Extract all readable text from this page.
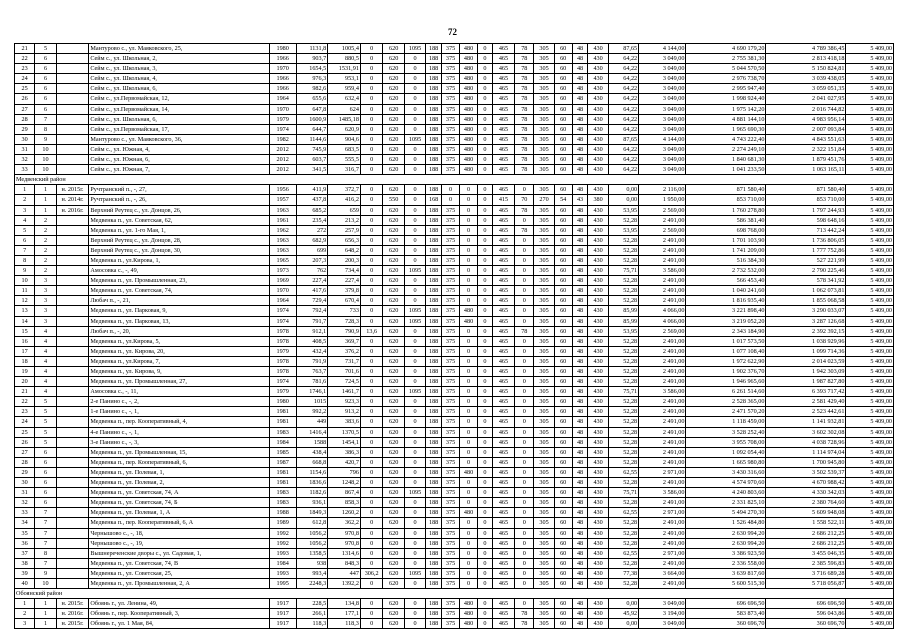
72
21	5		Мантурово с., ул. Маяковского, 25,	1980	1131,8	1005,4	0	620	1095	188	375	480	0	465	78	305	60	48	430	87,65	4 144,00	4 690 179,20	4 789 386,45	5 409,00
22	6		Сейм с., ул. Школьная, 2,	1966	903,7	880,5	0	620	0	188	375	480	0	465	78	305	60	48	430	64,22	3 049,00	2 755 381,30	2 813 418,18	5 409,00
23	6		Сейм с., ул. Школьная, 3,	1970	1654,5	1531,91	0	620	0	188	375	480	0	465	78	305	60	48	430	64,22	3 049,00	5 044 570,50	5 150 824,81	5 409,00
24	6		Сейм с., ул. Школьная, 4,	1966	976,3	953,1	0	620	0	188	375	480	0	465	78	305	60	48	430	64,22	3 049,00	2 976 738,70	3 039 438,05	5 409,00
25	6		Сейм с., ул. Школьная, 6,	1966	982,6	959,4	0	620	0	188	375	480	0	465	78	305	60	48	430	64,22	3 049,00	2 995 947,40	3 059 051,35	5 409,00
26	6		Сейм с., ул.Первомайская, 12,	1964	655,6	632,4	0	620	0	188	375	480	0	465	78	305	60	48	430	64,22	3 049,00	1 998 924,40	2 041 027,95	5 409,00
27	6		Сейм с., ул.Первомайская, 14,	1970	647,8	624	0	620	0	188	375	480	0	465	78	305	60	48	430	64,22	3 049,00	1 975 142,20	2 016 744,82	5 409,00
28	7		Сейм с., ул. Школьная, 6,	1979	1600,9	1485,18	0	620	0	188	375	480	0	465	78	305	60	48	430	64,22	3 049,00	4 881 144,10	4 983 956,14	5 409,00
29	8		Сейм с., ул.Первомайская, 17,	1974	644,7	620,9	0	620	0	188	375	480	0	465	78	305	60	48	430	64,22	3 049,00	1 965 690,30	2 007 093,84	5 409,00
30	9		Мантурово с., ул. Маяковского, 36,	1982	1144,6	904,6	0	620	1095	188	375	480	0	465	78	305	60	48	430	87,65	4 144,00	4 743 222,40	4 843 551,63	5 409,00
31	10		Сейм с., ул. Южная, 4,	2012	745,9	683,5	0	620	0	188	375	480	0	465	78	305	60	48	430	64,22	3 049,00	2 274 249,10	2 322 151,84	5 409,00
32	10		Сейм с., ул. Южная, 6,	2012	603,7	555,5	0	620	0	188	375	480	0	465	78	305	60	48	430	64,22	3 049,00	1 840 681,30	1 879 451,76	5 409,00
33	10		Сейм с., ул. Южная, 7,	2012	341,5	316,7	0	620	0	188	375	480	0	465	78	305	60	48	430	64,22	3 049,00	1 041 233,50	1 063 165,11	5 409,00
Медвенский район																								
1	1	н. 2015г.	Ручтранский п., -, 27,	1956	411,9	372,7	0	620	0	188	0	0	0	465	0	305	60	48	430	0,00	2 116,00	871 580,40	871 580,40	5 409,00
2	1	н. 2014г.	Ручтранский п., -, 26,	1957	437,8	416,2	0	550	0	168	0	0	0	415	70	270	54	43	380	0,00	1 950,00	853 710,00	853 710,00	5 409,00
3	1	н. 2016г.	Верхний Реутец с., ул. Донцов, 26,	1963	685,2	659	0	620	0	188	375	0	0	465	78	305	60	48	430	53,95	2 569,00	1 760 278,80	1 797 244,93	5 409,00
4	2		Медвенка п., ул. Советская, 62,	1961	235,4	213,2	0	620	0	188	375	0	0	465	0	305	60	48	430	52,28	2 491,00	586 381,40	598 648,16	5 409,00
5	2		Медвенка п., ул. 1-го Мая, 1,	1962	272	257,9	0	620	0	188	375	0	0	465	78	305	60	48	430	53,95	2 569,00	698 768,00	713 442,24	5 409,00
6	2		Верхний Реутец с., ул. Донцов, 28,	1963	682,9	656,3	0	620	0	188	375	0	0	465	0	305	60	48	430	52,28	2 491,00	1 701 103,90	1 736 806,05	5 409,00
7	2		Верхний Реутец с., ул. Донцов, 30,	1963	699	648,2	0	620	0	188	375	0	0	465	0	305	60	48	430	52,28	2 491,00	1 741 209,00	1 777 752,86	5 409,00
8	2		Медвенка п., ул.Кирова, 1,	1965	207,3	200,3	0	620	0	188	375	0	0	465	0	305	60	48	430	52,28	2 491,00	516 384,30	527 221,99	5 409,00
9	2		Амосовка с., -, 49,	1973	762	734,4	0	620	1095	188	375	0	0	465	0	305	60	48	430	75,71	3 586,00	2 732 532,00	2 790 225,46	5 409,00
10	3		Медвенка п., ул. Промышленная, 23,	1969	227,4	227,4	0	620	0	188	375	0	0	465	0	305	60	48	430	52,28	2 491,00	566 453,40	578 341,92	5 409,00
11	3		Медвенка п., ул. Советская, 74,	1970	417,6	379,8	0	620	0	188	375	0	0	465	0	305	60	48	430	52,28	2 491,00	1 040 241,60	1 062 073,81	5 409,00
12	3		Любач п., -, 21,	1964	729,4	670,4	0	620	0	188	375	0	0	465	0	305	60	48	430	52,28	2 491,00	1 816 935,40	1 855 068,58	5 409,00
13	3		Медвенка п., ул. Парковая, 9,	1974	792,4	733	0	620	1095	188	375	480	0	465	0	305	60	48	430	85,99	4 066,00	3 221 898,40	3 290 033,07	5 409,00
14	3		Медвенка п., ул. Парковая, 13,	1974	791,7	728,3	0	620	1095	188	375	480	0	465	0	305	60	48	430	85,99	4 066,00	3 219 052,20	3 287 126,68	5 409,00
15	4		Любач п., -, 20,	1978	912,1	790,9	13,6	620	0	188	375	0	0	465	78	305	60	48	430	53,95	2 569,00	2 343 184,90	2 392 392,15	5 409,00
16	4		Медвенка п., ул.Кирова, 5,	1978	408,5	369,7	0	620	0	188	375	0	0	465	0	305	60	48	430	52,28	2 491,00	1 017 573,50	1 038 929,96	5 409,00
17	4		Медвенка п., ул. Кирова, 20,	1979	432,4	376,2	0	620	0	188	375	0	0	465	0	305	60	48	430	52,28	2 491,00	1 077 108,40	1 099 714,36	5 409,00
18	4		Медвенка п., ул.Кирова, 7,	1978	791,9	731,7	0	620	0	188	375	0	0	465	0	305	60	48	430	52,28	2 491,00	1 972 622,90	2 014 023,59	5 409,00
19	4		Медвенка п., ул. Кирова, 9,	1978	763,7	701,6	0	620	0	188	375	0	0	465	0	305	60	48	430	52,28	2 491,00	1 902 376,70	1 942 303,09	5 409,00
20	4		Медвенка п., ул. Промышленная, 27,	1974	781,6	724,5	0	620	0	188	375	0	0	465	0	305	60	48	430	52,28	2 491,00	1 946 965,60	1 987 827,80	5 409,00
21	4		Амосовка с., -, 11,	1979	1746,1	1461,7	0	620	1095	188	375	0	0	465	0	305	60	48	430	75,71	3 586,00	6 261 514,60	6 393 717,42	5 409,00
22	5		2-е Панино с., -, 2,	1980	1015	923,3	0	620	0	188	375	0	0	465	0	305	60	48	430	52,28	2 491,00	2 528 365,00	2 581 429,40	5 409,00
23	5		1-е Панино с., -, 1,	1981	992,2	913,2	0	620	0	188	375	0	0	465	0	305	60	48	430	52,28	2 491,00	2 471 570,20	2 523 442,61	5 409,00
24	5		Медвенка п., пер. Кооперативный, 4,	1981	449	383,6	0	620	0	188	375	0	0	465	0	305	60	48	430	52,28	2 491,00	1 118 459,00	1 141 932,81	5 409,00
25	5		4-е Панино с., -, 1,	1983	1416,4	1370,5	0	620	0	188	375	0	0	465	0	305	60	48	430	52,28	2 491,00	3 528 252,40	3 602 302,08	5 409,00
26	5		3-е Панино с., -, 3,	1984	1588	1454,1	0	620	0	188	375	0	0	465	0	305	60	48	430	52,28	2 491,00	3 955 708,00	4 038 728,96	5 409,00
27	6		Медвенка п., ул. Промышленная, 15,	1985	438,4	386,3	0	620	0	188	375	0	0	465	0	305	60	48	430	52,28	2 491,00	1 092 054,40	1 114 974,04	5 409,00
28	6		Медвенка п., пер. Кооперативный, 6,	1987	668,8	420,7	0	620	0	188	375	0	0	465	0	305	60	48	430	52,28	2 491,00	1 665 980,80	1 700 945,80	5 409,00
29	6		Медвенка п., ул. Полевая, 1,	1981	1154,6	796	0	620	0	188	375	480	0	465	0	305	60	48	430	62,55	2 971,00	3 430 316,60	3 502 539,37	5 409,00
30	6		Медвенка п., ул. Полевая, 2,	1981	1836,6	1248,2	0	620	0	188	375	0	0	465	0	305	60	48	430	52,28	2 491,00	4 574 970,60	4 670 988,42	5 409,00
31	6		Медвенка п., ул. Советская, 74, А	1983	1182,6	867,4	0	620	1095	188	375	0	0	465	0	305	60	48	430	75,71	3 586,00	4 240 803,60	4 330 342,03	5 409,00
32	6		Медвенка п., ул. Советская, 74, Б	1983	936,1	858,3	0	620	0	188	375	0	0	465	0	305	60	48	430	52,28	2 491,00	2 331 825,10	2 380 764,60	5 409,00
33	7		Медвенка п., ул. Полевая, 1, А	1988	1849,3	1260,2	0	620	0	188	375	480	0	465	0	305	60	48	430	62,55	2 971,00	5 494 270,30	5 609 948,08	5 409,00
34	7		Медвенка п., пер. Кооперативный, 6, А	1989	612,8	362,2	0	620	0	188	375	0	0	465	0	305	60	48	430	52,28	2 491,00	1 526 484,80	1 558 522,11	5 409,00
35	7		Чернышово с., -, 18,	1992	1056,2	970,8	0	620	0	188	375	0	0	465	0	305	60	48	430	52,28	2 491,00	2 630 994,20	2 686 212,25	5 409,00
36	7		Чернышово с., -, 19,	1992	1056,2	970,8	0	620	0	188	375	0	0	465	0	305	60	48	430	52,28	2 491,00	2 630 994,20	2 686 212,25	5 409,00
37	8		Вышнереченские дворы с., ул. Садовая, 1,	1993	1358,5	1314,6	0	620	0	188	375	0	0	465	0	305	60	48	430	62,55	2 971,00	3 386 923,50	3 455 046,35	5 409,00
38	7		Медвенка п., ул. Советская, 74, В	1984	938	848,3	0	620	0	188	375	0	0	465	0	305	60	48	430	52,28	2 491,00	2 336 558,00	2 385 596,83	5 409,00
39	9		Медвенка п., ул. Советская, 25,	1993	993,4	447	306,2	620	1095	188	375	0	0	465	0	305	60	48	430	77,38	3 664,00	3 639 817,60	3 716 689,28	5 409,00
40	10		Медвенка п., ул. Промышленная, 2, А	1995	2248,3	1392,2	0	620	0	188	375	0	0	465	0	305	60	48	430	52,28	2 491,00	5 600 515,30	5 718 056,87	5 409,00
Обоянский район																								
1	1	н. 2015г.	Обоянь г., ул. Ленина, 49,	1917	228,5	134,8	0	620	0	188	375	480	0	465	0	305	60	48	430	0,00	3 049,00	696 696,50	696 696,50	5 409,00
2	1	н. 2016г.	Обоянь г., пер. Кооперативный, 3,	1917	266,1	177,1	0	620	0	188	375	480	0	465	78	305	60	48	430	45,92	3 194,00	583 873,40	596 043,86	5 409,00
3	1	н. 2015г.	Обоянь г., ул. 1 Мая, 84,	1917	118,3	118,3	0	620	0	188	375	480	0	465	78	305	60	48	430	0,00	3 049,00	360 696,70	360 696,70	5 409,00
